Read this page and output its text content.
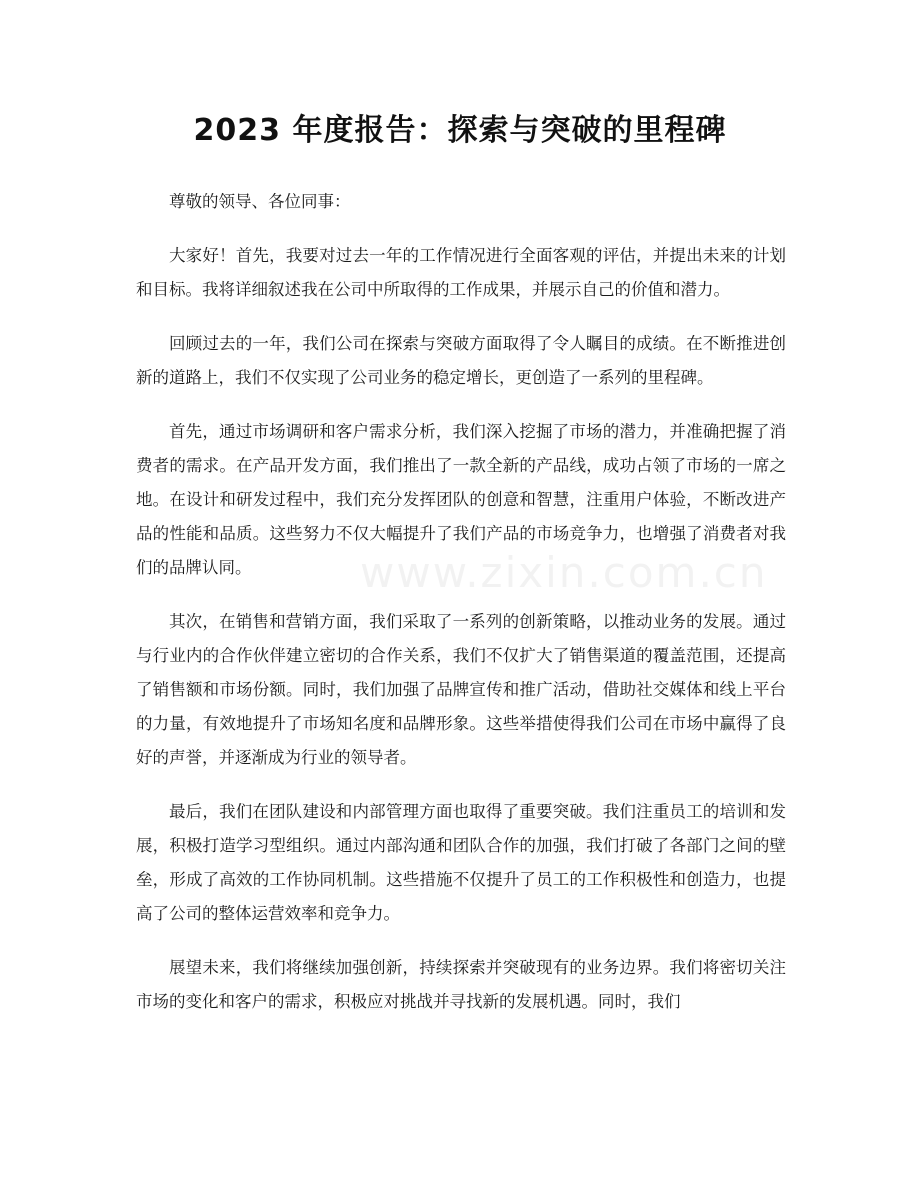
www.zixin.com.cn
2023 年度报告：探索与突破的里程碑

尊敬的领导、各位同事：

大家好！首先，我要对过去一年的工作情况进行全面客观的评估，并提出未来的计划和目标。我将详细叙述我在公司中所取得的工作成果，并展示自己的价值和潜力。

回顾过去的一年，我们公司在探索与突破方面取得了令人瞩目的成绩。在不断推进创新的道路上，我们不仅实现了公司业务的稳定增长，更创造了一系列的里程碑。

首先，通过市场调研和客户需求分析，我们深入挖掘了市场的潜力，并准确把握了消费者的需求。在产品开发方面，我们推出了一款全新的产品线，成功占领了市场的一席之地。在设计和研发过程中，我们充分发挥团队的创意和智慧，注重用户体验，不断改进产品的性能和品质。这些努力不仅大幅提升了我们产品的市场竞争力，也增强了消费者对我们的品牌认同。

其次，在销售和营销方面，我们采取了一系列的创新策略，以推动业务的发展。通过与行业内的合作伙伴建立密切的合作关系，我们不仅扩大了销售渠道的覆盖范围，还提高了销售额和市场份额。同时，我们加强了品牌宣传和推广活动，借助社交媒体和线上平台的力量，有效地提升了市场知名度和品牌形象。这些举措使得我们公司在市场中赢得了良好的声誉，并逐渐成为行业的领导者。

最后，我们在团队建设和内部管理方面也取得了重要突破。我们注重员工的培训和发展，积极打造学习型组织。通过内部沟通和团队合作的加强，我们打破了各部门之间的壁垒，形成了高效的工作协同机制。这些措施不仅提升了员工的工作积极性和创造力，也提高了公司的整体运营效率和竞争力。

展望未来，我们将继续加强创新，持续探索并突破现有的业务边界。我们将密切关注市场的变化和客户的需求，积极应对挑战并寻找新的发展机遇。同时，我们
